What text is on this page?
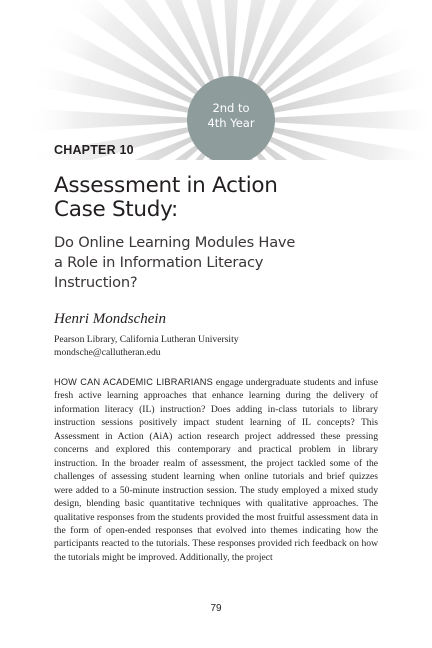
2nd to
4th Year
CHAPTER 10
Assessment in Action
Case Study:
Do Online Learning Modules Have
a Role in Information Literacy
Instruction?
Henri Mondschein
Pearson Library, California Lutheran University
mondsche@callutheran.edu

HOW CAN ACADEMIC LIBRARIANS engage undergraduate students and infuse fresh active learning approaches that enhance learning during the delivery of information literacy (IL) instruction? Does adding in-class tutorials to library instruction sessions positively impact student learning of IL concepts? This Assessment in Action (AiA) action research project addressed these pressing concerns and explored this contemporary and practical problem in library instruction. In the broader realm of assessment, the project tackled some of the challenges of assessing student learning when online tutorials and brief quizzes were added to a 50-minute instruction session. The study employed a mixed study design, blending basic quantitative techniques with qualitative approaches. The qualitative responses from the students provided the most fruitful assessment data in the form of open-ended responses that evolved into themes indicating how the participants reacted to the tutorials. These responses provided rich feedback on how the tutorials might be improved. Additionally, the project

79
